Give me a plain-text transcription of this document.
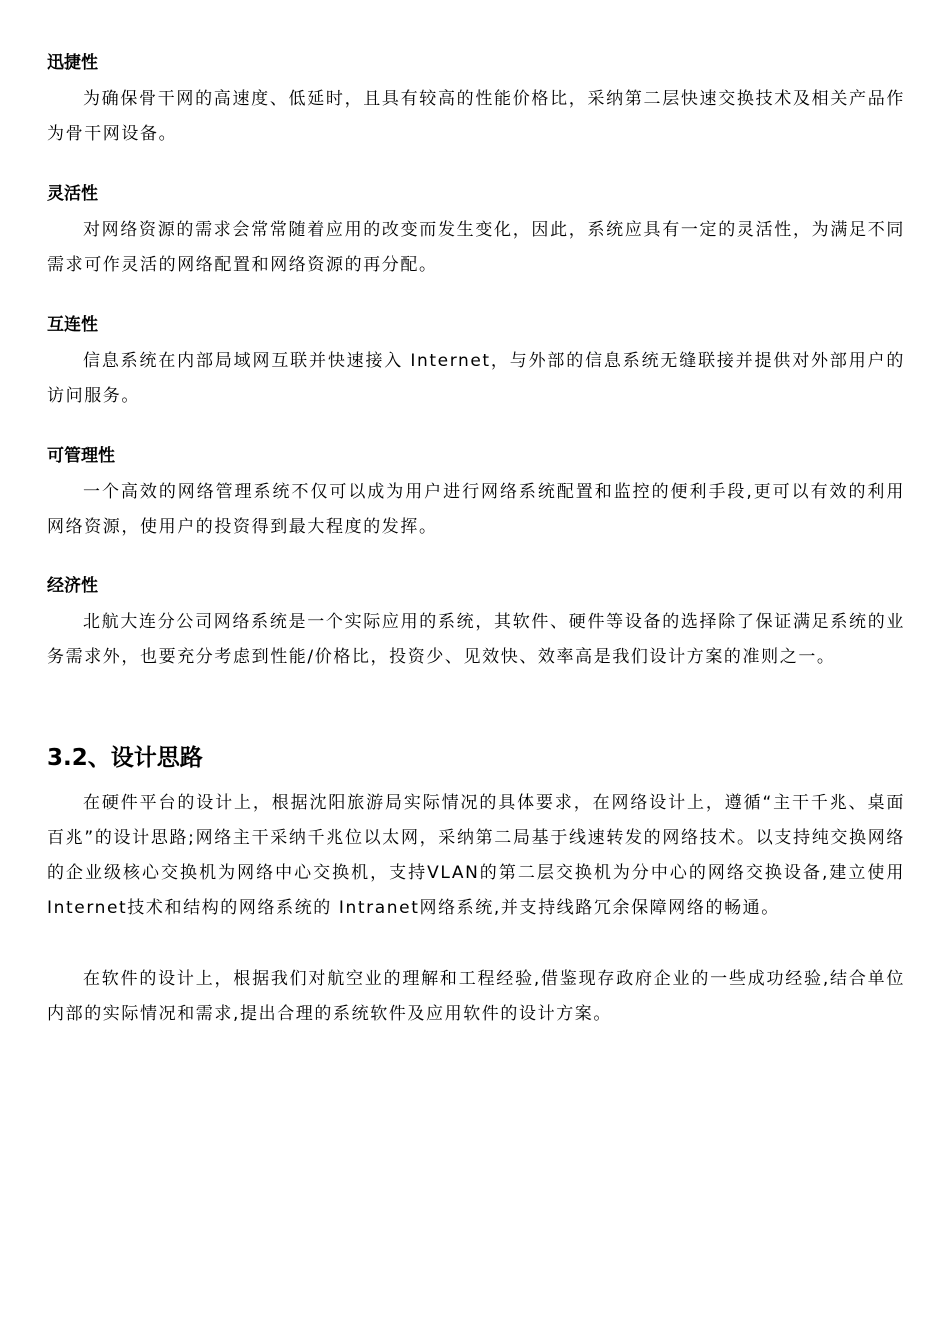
迅捷性

为确保骨干网的高速度、低延时，且具有较高的性能价格比，采纳第二层快速交换技术及相关产品作为骨干网设备。

灵活性

对网络资源的需求会常常随着应用的改变而发生变化，因此，系统应具有一定的灵活性，为满足不同需求可作灵活的网络配置和网络资源的再分配。

互连性

信息系统在内部局域网互联并快速接入 Internet，与外部的信息系统无缝联接并提供对外部用户的访问服务。

可管理性

一个高效的网络管理系统不仅可以成为用户进行网络系统配置和监控的便利手段,更可以有效的利用网络资源，使用户的投资得到最大程度的发挥。

经济性

北航大连分公司网络系统是一个实际应用的系统，其软件、硬件等设备的选择除了保证满足系统的业务需求外，也要充分考虑到性能/价格比，投资少、见效快、效率高是我们设计方案的准则之一。

3.2、设计思路

在硬件平台的设计上，根据沈阳旅游局实际情况的具体要求，在网络设计上，遵循“主干千兆、桌面百兆”的设计思路;网络主干采纳千兆位以太网，采纳第二局基于线速转发的网络技术。以支持纯交换网络的企业级核心交换机为网络中心交换机，支持VLAN的第二层交换机为分中心的网络交换设备,建立使用 Internet技术和结构的网络系统的 Intranet网络系统,并支持线路冗余保障网络的畅通。

在软件的设计上，根据我们对航空业的理解和工程经验,借鉴现存政府企业的一些成功经验,结合单位内部的实际情况和需求,提出合理的系统软件及应用软件的设计方案。
